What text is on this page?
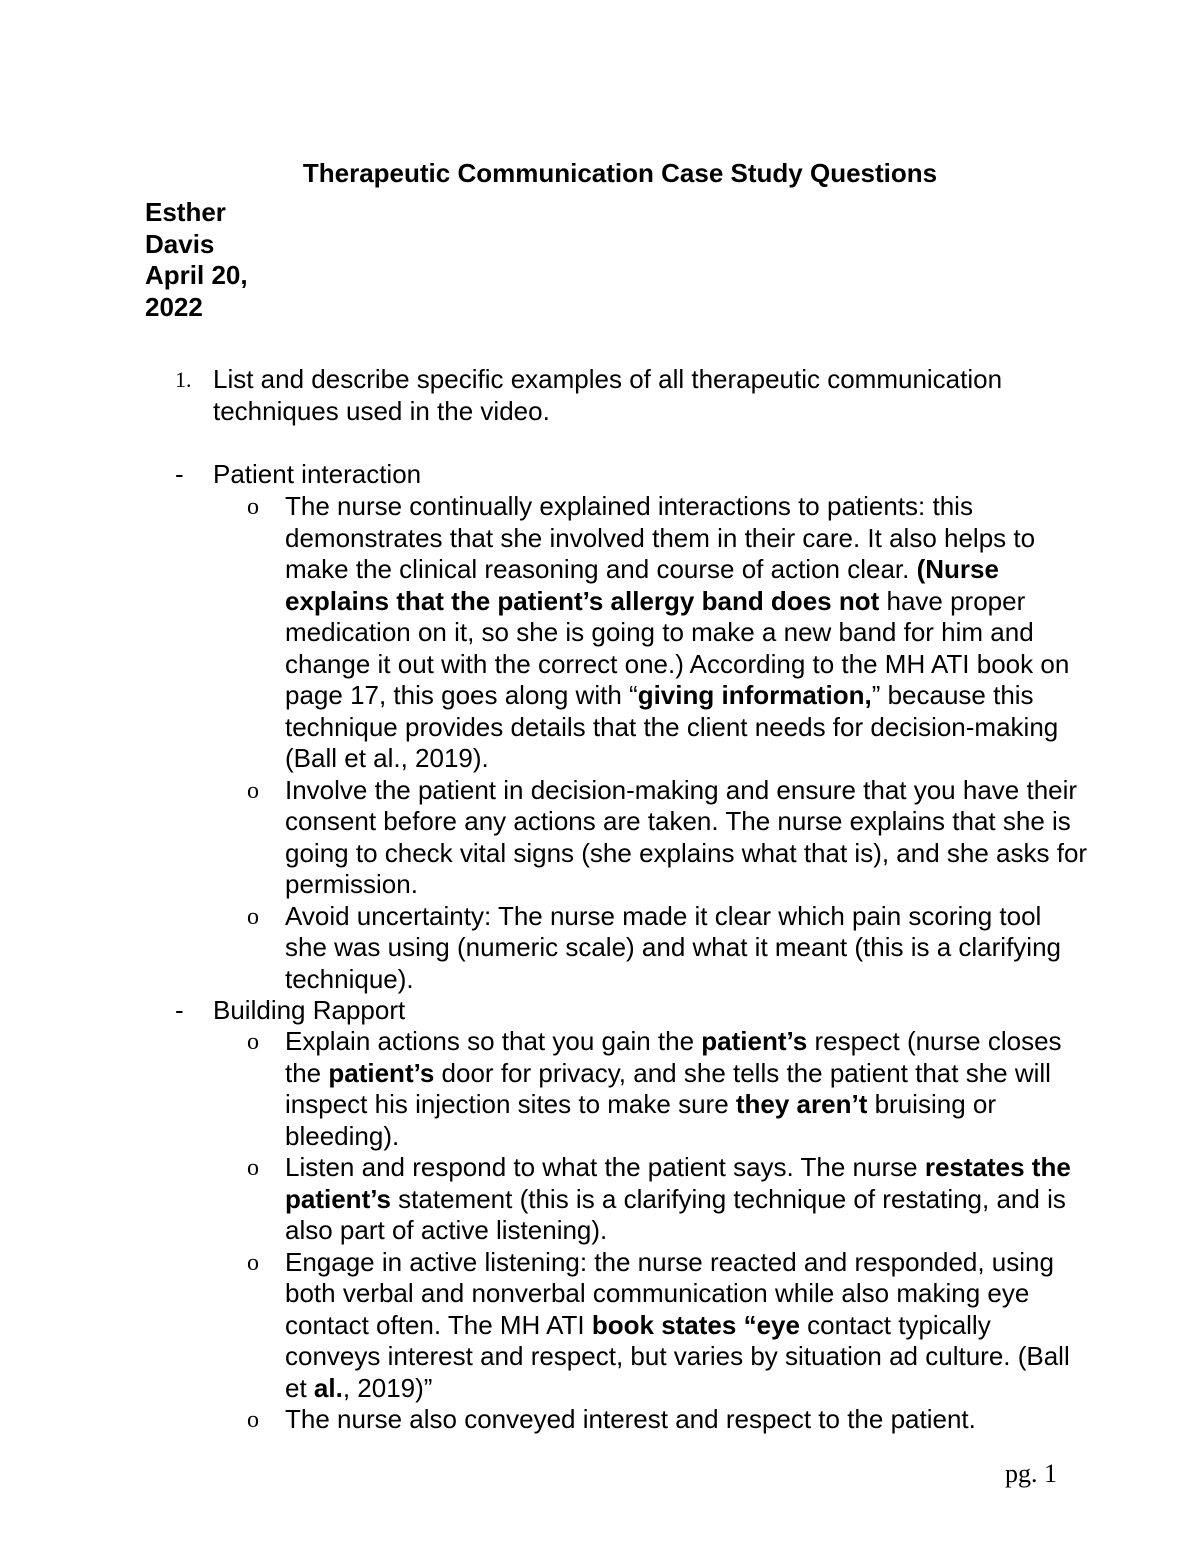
Therapeutic Communication Case Study Questions
Esther
Davis
April 20,
2022
1. List and describe specific examples of all therapeutic communication techniques used in the video.
- Patient interaction
o The nurse continually explained interactions to patients: this demonstrates that she involved them in their care. It also helps to make the clinical reasoning and course of action clear. (Nurse explains that the patient’s allergy band does not have proper medication on it, so she is going to make a new band for him and change it out with the correct one.) According to the MH ATI book on page 17, this goes along with “giving information,” because this technique provides details that the client needs for decision-making (Ball et al., 2019).
o Involve the patient in decision-making and ensure that you have their consent before any actions are taken. The nurse explains that she is going to check vital signs (she explains what that is), and she asks for permission.
o Avoid uncertainty: The nurse made it clear which pain scoring tool she was using (numeric scale) and what it meant (this is a clarifying technique).
- Building Rapport
o Explain actions so that you gain the patient’s respect (nurse closes the patient’s door for privacy, and she tells the patient that she will inspect his injection sites to make sure they aren’t bruising or bleeding).
o Listen and respond to what the patient says. The nurse restates the patient’s statement (this is a clarifying technique of restating, and is also part of active listening).
o Engage in active listening: the nurse reacted and responded, using both verbal and nonverbal communication while also making eye contact often. The MH ATI book states “eye contact typically conveys interest and respect, but varies by situation ad culture. (Ball et al., 2019)”
o The nurse also conveyed interest and respect to the patient.
pg. 1
